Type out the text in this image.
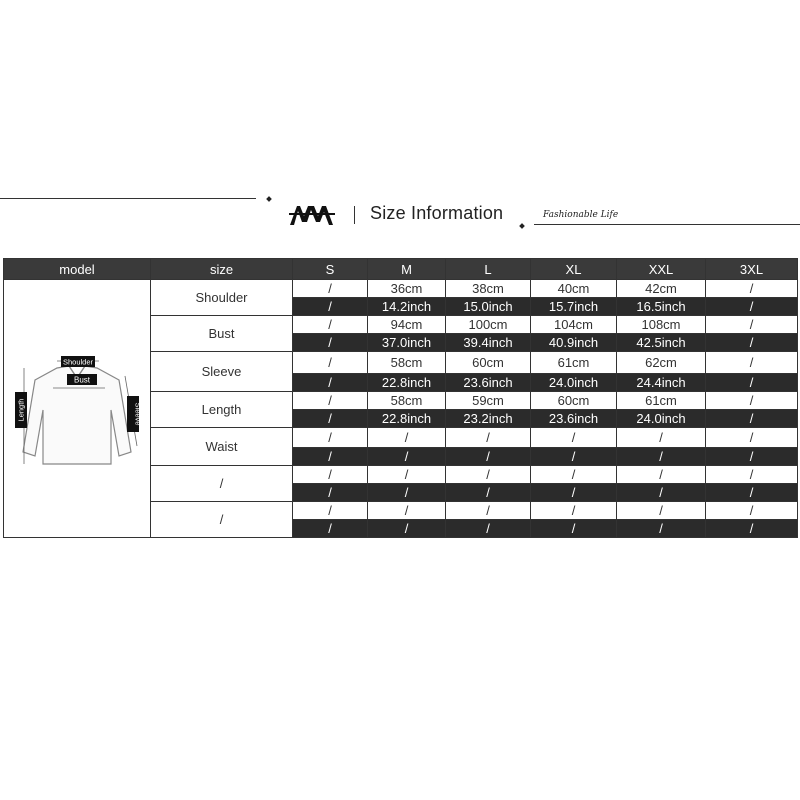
AMA	Size Information	Fashionable Life
model	size	S	M	L	XL	XXL	3XL

Shoulder
Bust
Length Sleeve	Shoulder	/	36cm	38cm	40cm	42cm	/
		/	14.2inch	15.0inch	15.7inch	16.5inch	/
	Bust	/	94cm	100cm	104cm	108cm	/
		/	37.0inch	39.4inch	40.9inch	42.5inch	/
	Sleeve	/	58cm	60cm	61cm	62cm	/
		/	22.8inch	23.6inch	24.0inch	24.4inch	/
	Length	/	58cm	59cm	60cm	61cm	/
		/	22.8inch	23.2inch	23.6inch	24.0inch	/
	Waist	/	/	/	/	/	/
		/	/	/	/	/	/
	/	/	/	/	/	/	/
		/	/	/	/	/	/
	/	/	/	/	/	/	/
		/	/	/	/	/	/
